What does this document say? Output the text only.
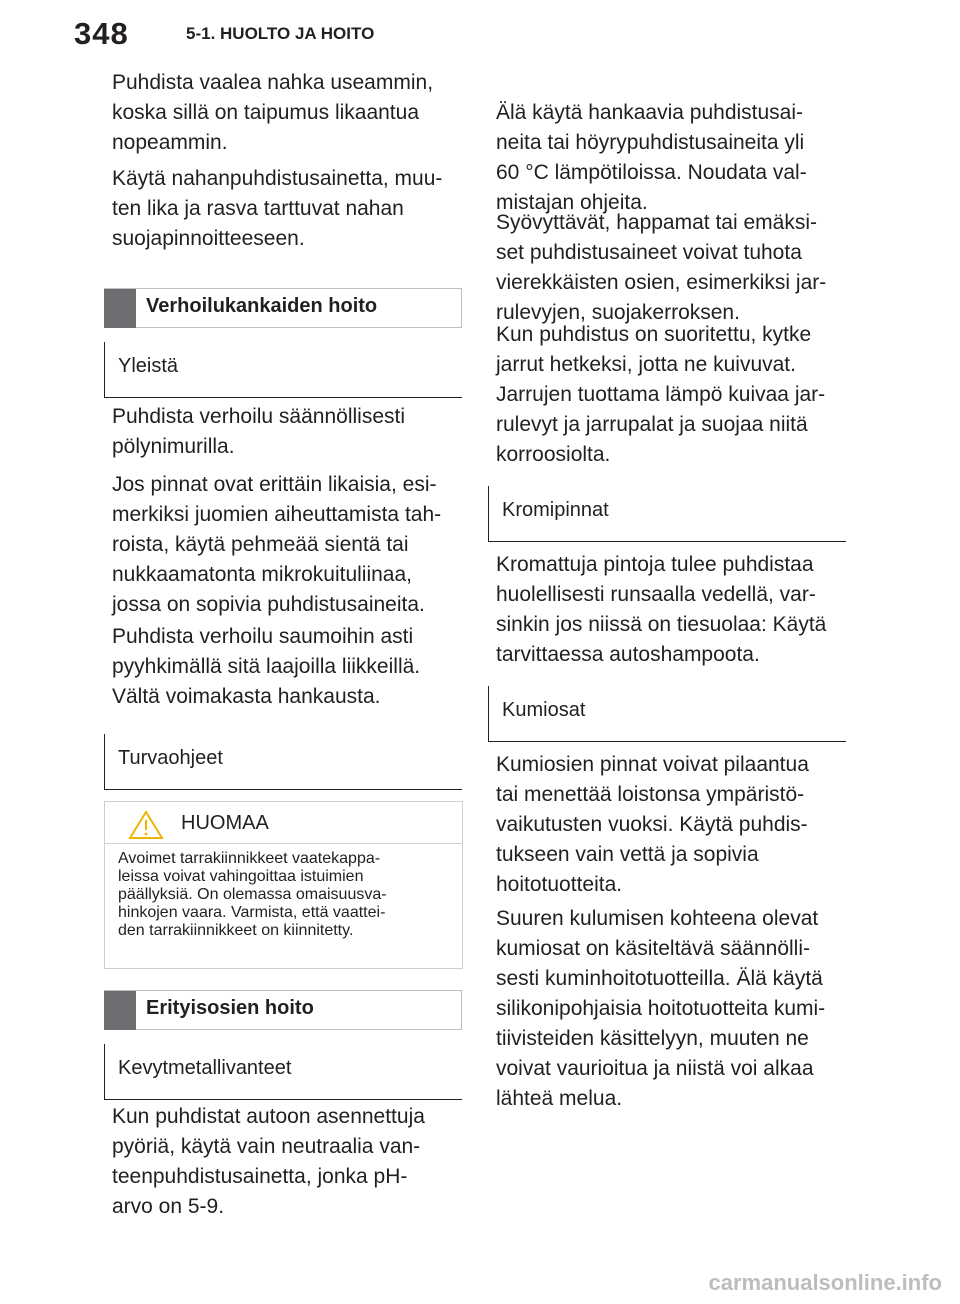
348	5-1. HUOLTO JA HOITO
Puhdista vaalea nahka useammin,
koska sillä on taipumus likaantua
nopeammin.
Käytä nahanpuhdistusainetta, muu-
ten lika ja rasva tarttuvat nahan
suojapinnoitteeseen.
Verhoilukankaiden hoito
Yleistä
Puhdista verhoilu säännöllisesti
pölynimurilla.
Jos pinnat ovat erittäin likaisia, esi-
merkiksi juomien aiheuttamista tah-
roista, käytä pehmeää sientä tai
nukkaamatonta mikrokuituliinaa,
jossa on sopivia puhdistusaineita.
Puhdista verhoilu saumoihin asti
pyyhkimällä sitä laajoilla liikkeillä.
Vältä voimakasta hankausta.
Turvaohjeet
HUOMAA
Avoimet tarrakiinnikkeet vaatekappa-
leissa voivat vahingoittaa istuimien
päällyksiä. On olemassa omaisuusva-
hinkojen vaara. Varmista, että vaattei-
den tarrakiinnikkeet on kiinnitetty.
Erityisosien hoito
Kevytmetallivanteet
Kun puhdistat autoon asennettuja
pyöriä, käytä vain neutraalia van-
teenpuhdistusainetta, jonka pH-
arvo on 5-9.
Älä käytä hankaavia puhdistusai-
neita tai höyrypuhdistusaineita yli
60 °C lämpötiloissa. Noudata val-
mistajan ohjeita.
Syövyttävät, happamat tai emäksi-
set puhdistusaineet voivat tuhota
vierekkäisten osien, esimerkiksi jar-
rulevyjen, suojakerroksen.
Kun puhdistus on suoritettu, kytke
jarrut hetkeksi, jotta ne kuivuvat.
Jarrujen tuottama lämpö kuivaa jar-
rulevyt ja jarrupalat ja suojaa niitä
korroosiolta.
Kromipinnat
Kromattuja pintoja tulee puhdistaa
huolellisesti runsaalla vedellä, var-
sinkin jos niissä on tiesuolaa: Käytä
tarvittaessa autoshampoota.
Kumiosat
Kumiosien pinnat voivat pilaantua
tai menettää loistonsa ympäristö-
vaikutusten vuoksi. Käytä puhdis-
tukseen vain vettä ja sopivia
hoitotuotteita.
Suuren kulumisen kohteena olevat
kumiosat on käsiteltävä säännölli-
sesti kuminhoitotuotteilla. Älä käytä
silikonipohjaisia hoitotuotteita kumi-
tiivisteiden käsittelyyn, muuten ne
voivat vaurioitua ja niistä voi alkaa
lähteä melua.
carmanualsonline.info
